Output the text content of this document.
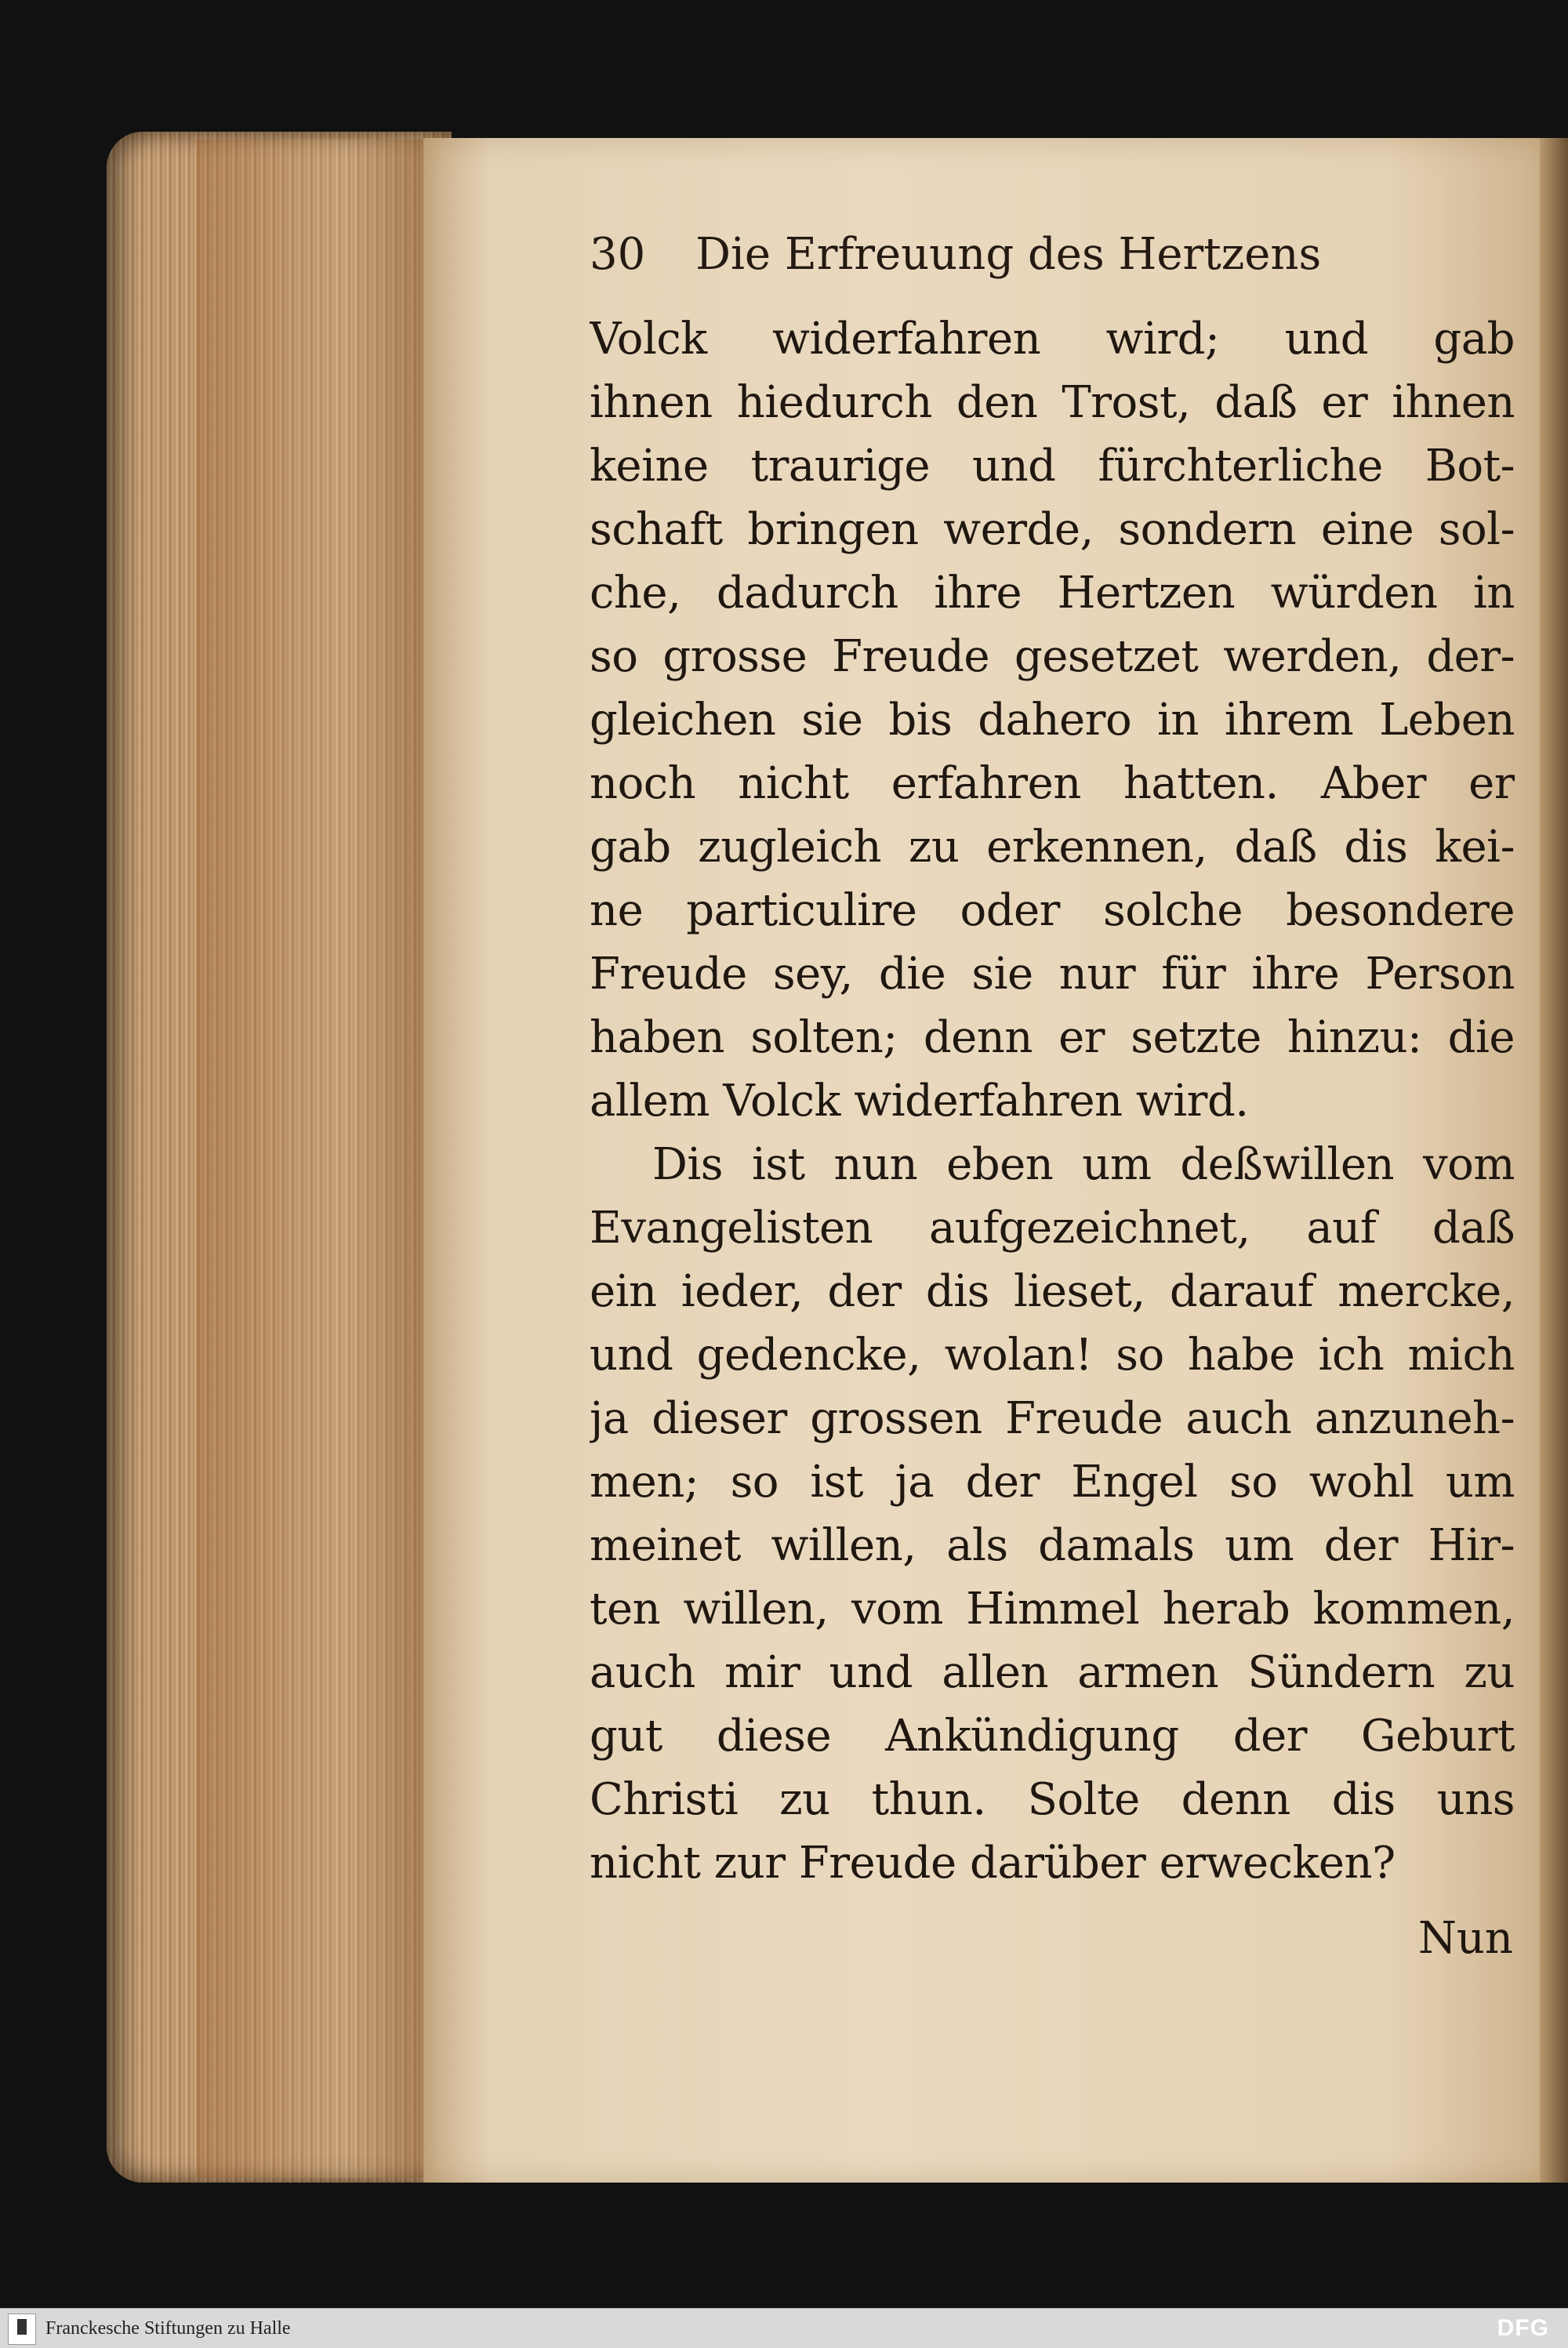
30 Die Erfreuung des Hertzens
Volck widerfahren wird; und gab
ihnen hiedurch den Trost, daß er ihnen
keine traurige und fürchterliche Bot-
schaft bringen werde, sondern eine sol-
che, dadurch ihre Hertzen würden in
so grosse Freude gesetzet werden, der-
gleichen sie bis dahero in ihrem Leben
noch nicht erfahren hatten. Aber er
gab zugleich zu erkennen, daß dis kei-
ne particulire oder solche besondere
Freude sey, die sie nur für ihre Person
haben solten; denn er setzte hinzu: die
allem Volck widerfahren wird.
Dis ist nun eben um deßwillen vom
Evangelisten aufgezeichnet, auf daß
ein ieder, der dis lieset, darauf mercke,
und gedencke, wolan! so habe ich mich
ja dieser grossen Freude auch anzuneh-
men; so ist ja der Engel so wohl um
meinet willen, als damals um der Hir-
ten willen, vom Himmel herab kommen,
auch mir und allen armen Sündern zu
gut diese Ankündigung der Geburt
Christi zu thun. Solte denn dis uns
nicht zur Freude darüber erwecken?
Nun
Franckesche Stiftungen zu Halle	DFG
